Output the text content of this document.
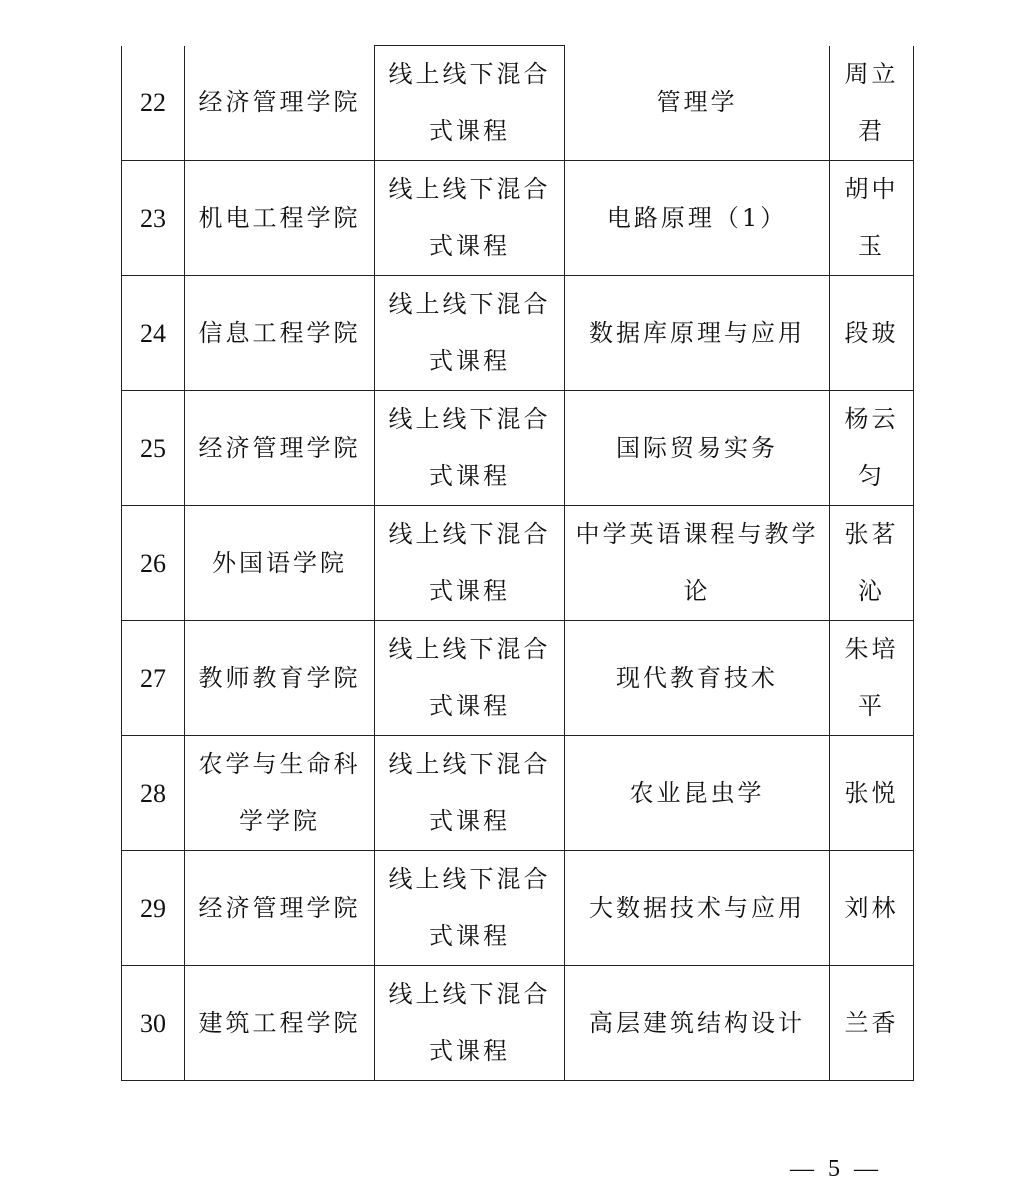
22	经济管理学院	线上线下混合式课程	管理学	周立君
23	机电工程学院	线上线下混合式课程	电路原理（1）	胡中玉
24	信息工程学院	线上线下混合式课程	数据库原理与应用	段玻
25	经济管理学院	线上线下混合式课程	国际贸易实务	杨云匀
26	外国语学院	线上线下混合式课程	中学英语课程与教学论	张茗沁
27	教师教育学院	线上线下混合式课程	现代教育技术	朱培平
28	农学与生命科学学院	线上线下混合式课程	农业昆虫学	张悦
29	经济管理学院	线上线下混合式课程	大数据技术与应用	刘林
30	建筑工程学院	线上线下混合式课程	高层建筑结构设计	兰香
— 5 —
